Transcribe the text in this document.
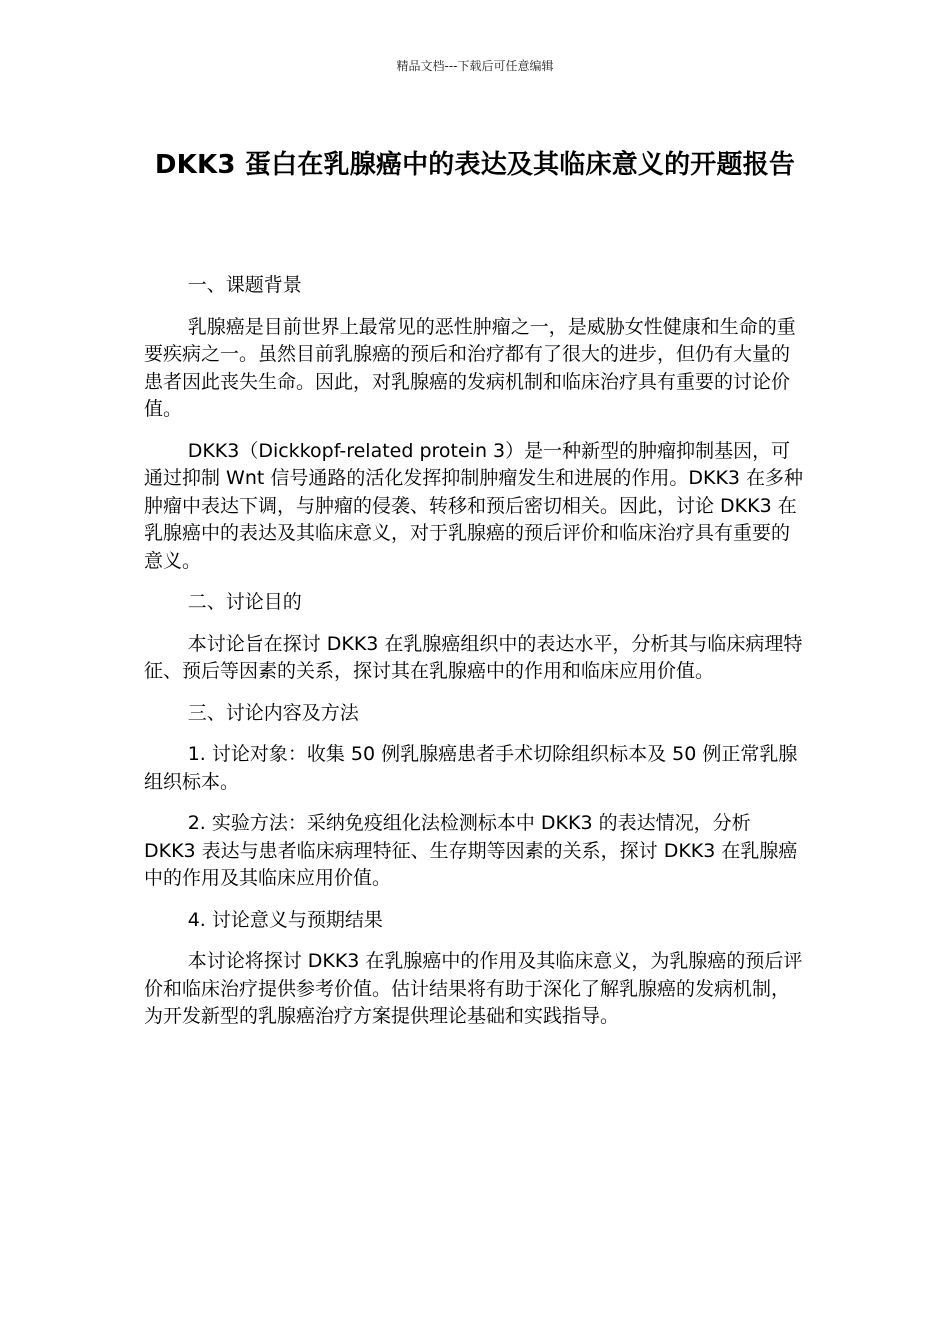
精品文档---下载后可任意编辑
DKK3 蛋白在乳腺癌中的表达及其临床意义的开题报告

一、课题背景

乳腺癌是目前世界上最常见的恶性肿瘤之一，是威胁女性健康和生命的重要疾病之一。虽然目前乳腺癌的预后和治疗都有了很大的进步，但仍有大量的患者因此丧失生命。因此，对乳腺癌的发病机制和临床治疗具有重要的讨论价值。

DKK3（Dickkopf-related protein 3）是一种新型的肿瘤抑制基因，可通过抑制 Wnt 信号通路的活化发挥抑制肿瘤发生和进展的作用。DKK3 在多种肿瘤中表达下调，与肿瘤的侵袭、转移和预后密切相关。因此，讨论 DKK3 在乳腺癌中的表达及其临床意义，对于乳腺癌的预后评价和临床治疗具有重要的意义。

二、讨论目的

本讨论旨在探讨 DKK3 在乳腺癌组织中的表达水平，分析其与临床病理特征、预后等因素的关系，探讨其在乳腺癌中的作用和临床应用价值。

三、讨论内容及方法

1. 讨论对象：收集 50 例乳腺癌患者手术切除组织标本及 50 例正常乳腺组织标本。

2. 实验方法：采纳免疫组化法检测标本中 DKK3 的表达情况，分析 DKK3 表达与患者临床病理特征、生存期等因素的关系，探讨 DKK3 在乳腺癌中的作用及其临床应用价值。

4. 讨论意义与预期结果

本讨论将探讨 DKK3 在乳腺癌中的作用及其临床意义，为乳腺癌的预后评价和临床治疗提供参考价值。估计结果将有助于深化了解乳腺癌的发病机制，为开发新型的乳腺癌治疗方案提供理论基础和实践指导。
